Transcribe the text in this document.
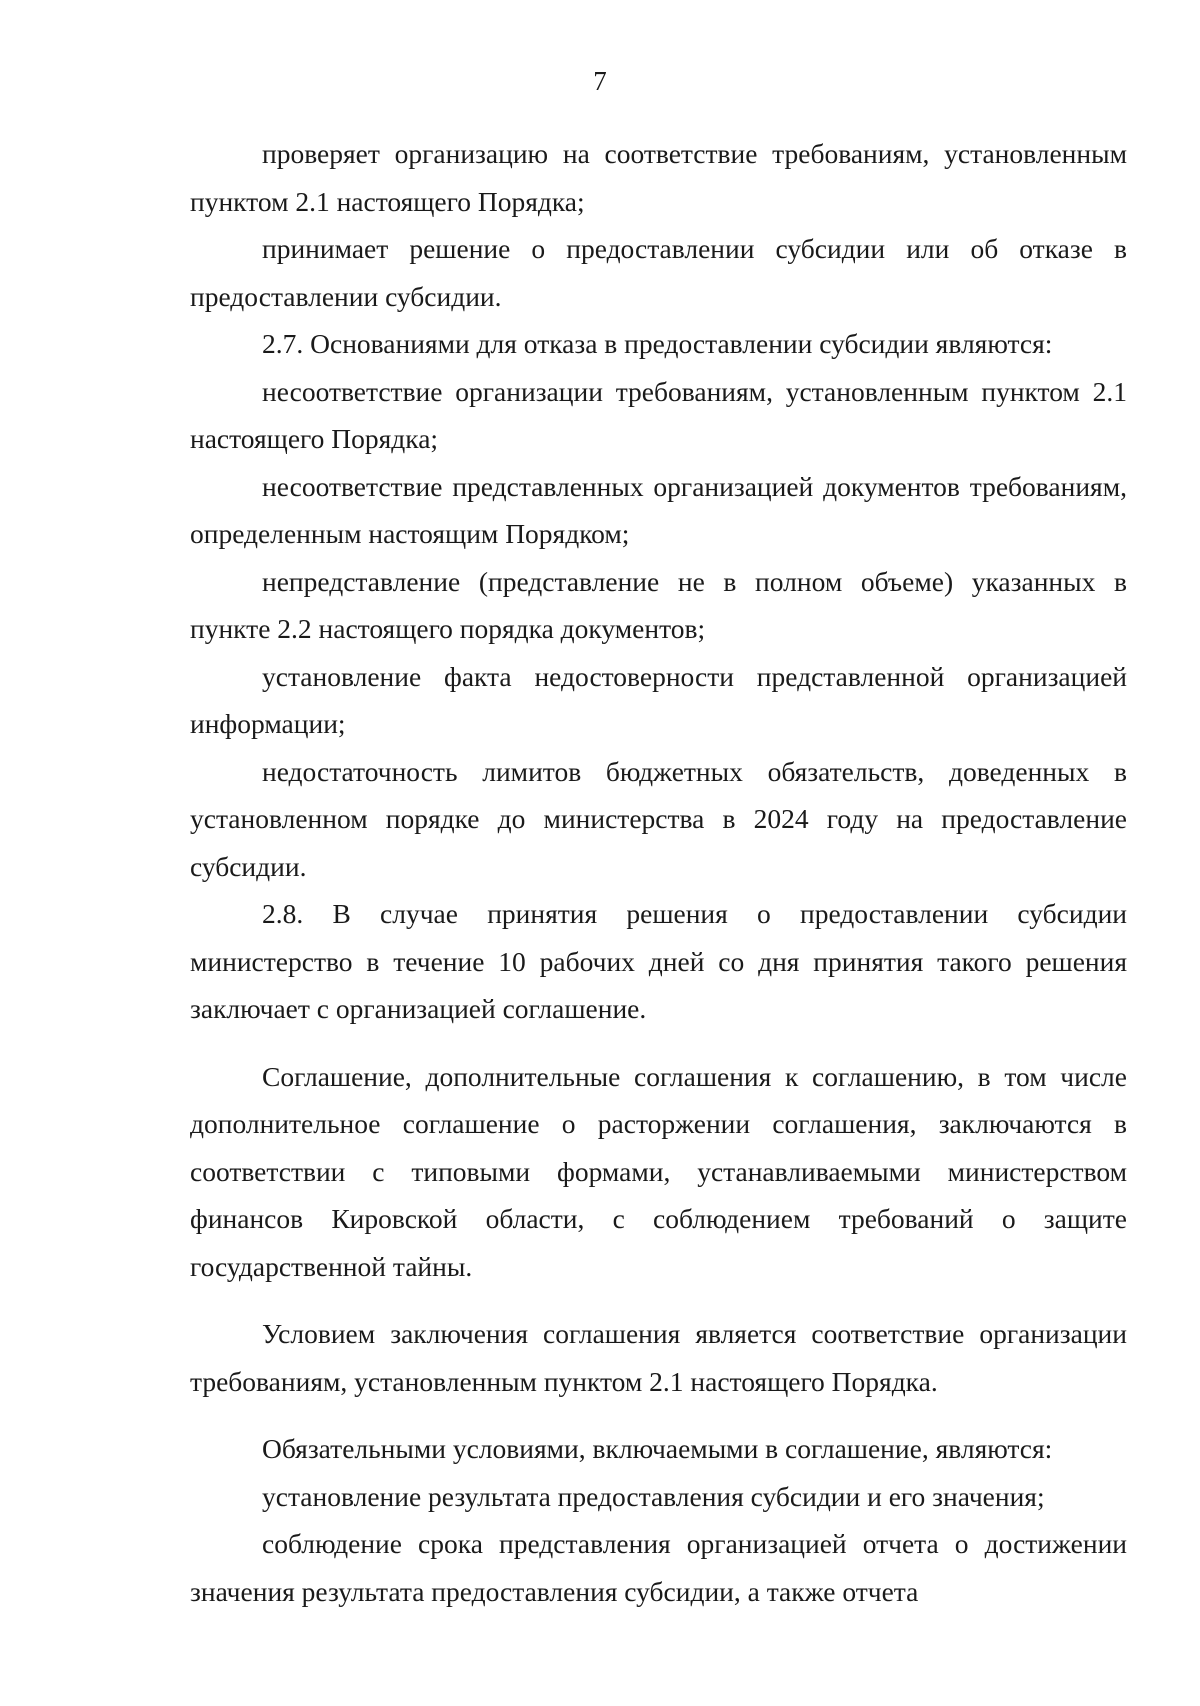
7

проверяет организацию на соответствие требованиям, установленным пунктом 2.1 настоящего Порядка;

принимает решение о предоставлении субсидии или об отказе в предоставлении субсидии.

2.7. Основаниями для отказа в предоставлении субсидии являются:

несоответствие организации требованиям, установленным пунктом 2.1 настоящего Порядка;

несоответствие представленных организацией документов требованиям, определенным настоящим Порядком;

непредставление (представление не в полном объеме) указанных в пункте 2.2 настоящего порядка документов;

установление факта недостоверности представленной организацией информации;

недостаточность лимитов бюджетных обязательств, доведенных в установленном порядке до министерства в 2024 году на предоставление субсидии.

2.8. В случае принятия решения о предоставлении субсидии министерство в течение 10 рабочих дней со дня принятия такого решения заключает с организацией соглашение.

Соглашение, дополнительные соглашения к соглашению, в том числе дополнительное соглашение о расторжении соглашения, заключаются в соответствии с типовыми формами, устанавливаемыми министерством финансов Кировской области, с соблюдением требований о защите государственной тайны.

Условием заключения соглашения является соответствие организации требованиям, установленным пунктом 2.1 настоящего Порядка.

Обязательными условиями, включаемыми в соглашение, являются:

установление результата предоставления субсидии и его значения;

соблюдение срока представления организацией отчета о достижении значения результата предоставления субсидии, а также отчета
